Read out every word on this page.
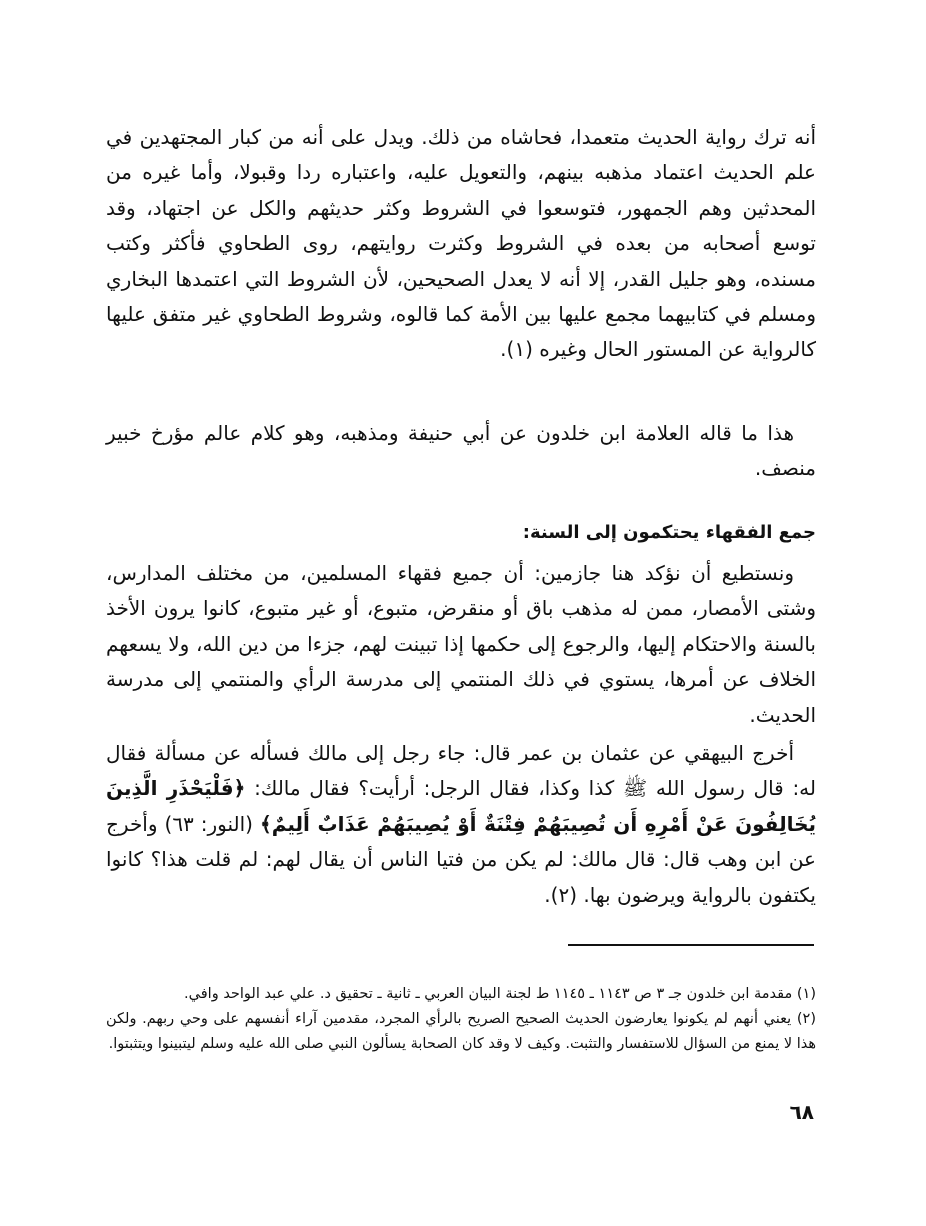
أنه ترك رواية الحديث متعمدا، فحاشاه من ذلك. ويدل على أنه من كبار المجتهدين في علم الحديث اعتماد مذهبه بينهم، والتعويل عليه، واعتباره ردا وقبولا، وأما غيره من المحدثين وهم الجمهور، فتوسعوا في الشروط وكثر حديثهم والكل عن اجتهاد، وقد توسع أصحابه من بعده في الشروط وكثرت روايتهم، روى الطحاوي فأكثر وكتب مسنده، وهو جليل القدر، إلا أنه لا يعدل الصحيحين، لأن الشروط التي اعتمدها البخاري ومسلم في كتابيهما مجمع عليها بين الأمة كما قالوه، وشروط الطحاوي غير متفق عليها كالرواية عن المستور الحال وغيره (١).

هذا ما قاله العلامة ابن خلدون عن أبي حنيفة ومذهبه، وهو كلام عالم مؤرخ خبير منصف.

جمع الفقهاء يحتكمون إلى السنة:

ونستطيع أن نؤكد هنا جازمين: أن جميع فقهاء المسلمين، من مختلف المدارس، وشتى الأمصار، ممن له مذهب باق أو منقرض، متبوع، أو غير متبوع، كانوا يرون الأخذ بالسنة والاحتكام إليها، والرجوع إلى حكمها إذا تبينت لهم، جزءا من دين الله، ولا يسعهم الخلاف عن أمرها، يستوي في ذلك المنتمي إلى مدرسة الرأي والمنتمي إلى مدرسة الحديث.

أخرج البيهقي عن عثمان بن عمر قال: جاء رجل إلى مالك فسأله عن مسألة فقال له: قال رسول الله ﷺ كذا وكذا، فقال الرجل: أرأيت؟ فقال مالك: ﴿فَلْيَحْذَرِ الَّذِينَ يُخَالِفُونَ عَنْ أَمْرِهِ أَن تُصِيبَهُمْ فِتْنَةٌ أَوْ يُصِيبَهُمْ عَذَابٌ أَلِيمٌ﴾ (النور: ٦٣) وأخرج عن ابن وهب قال: قال مالك: لم يكن من فتيا الناس أن يقال لهم: لم قلت هذا؟ كانوا يكتفون بالرواية ويرضون بها. (٢).

(١) مقدمة ابن خلدون جـ ٣ ص ١١٤٣ ـ ١١٤٥ ط لجنة البيان العربي ـ ثانية ـ تحقيق د. علي عبد الواحد وافي.

(٢) يعني أنهم لم يكونوا يعارضون الحديث الصحيح الصريح بالرأي المجرد، مقدمين آراء أنفسهم على وحي ربهم. ولكن هذا لا يمنع من السؤال للاستفسار والتثبت. وكيف لا وقد كان الصحابة يسألون النبي صلى الله عليه وسلم ليتبينوا ويتثبتوا.

٦٨
